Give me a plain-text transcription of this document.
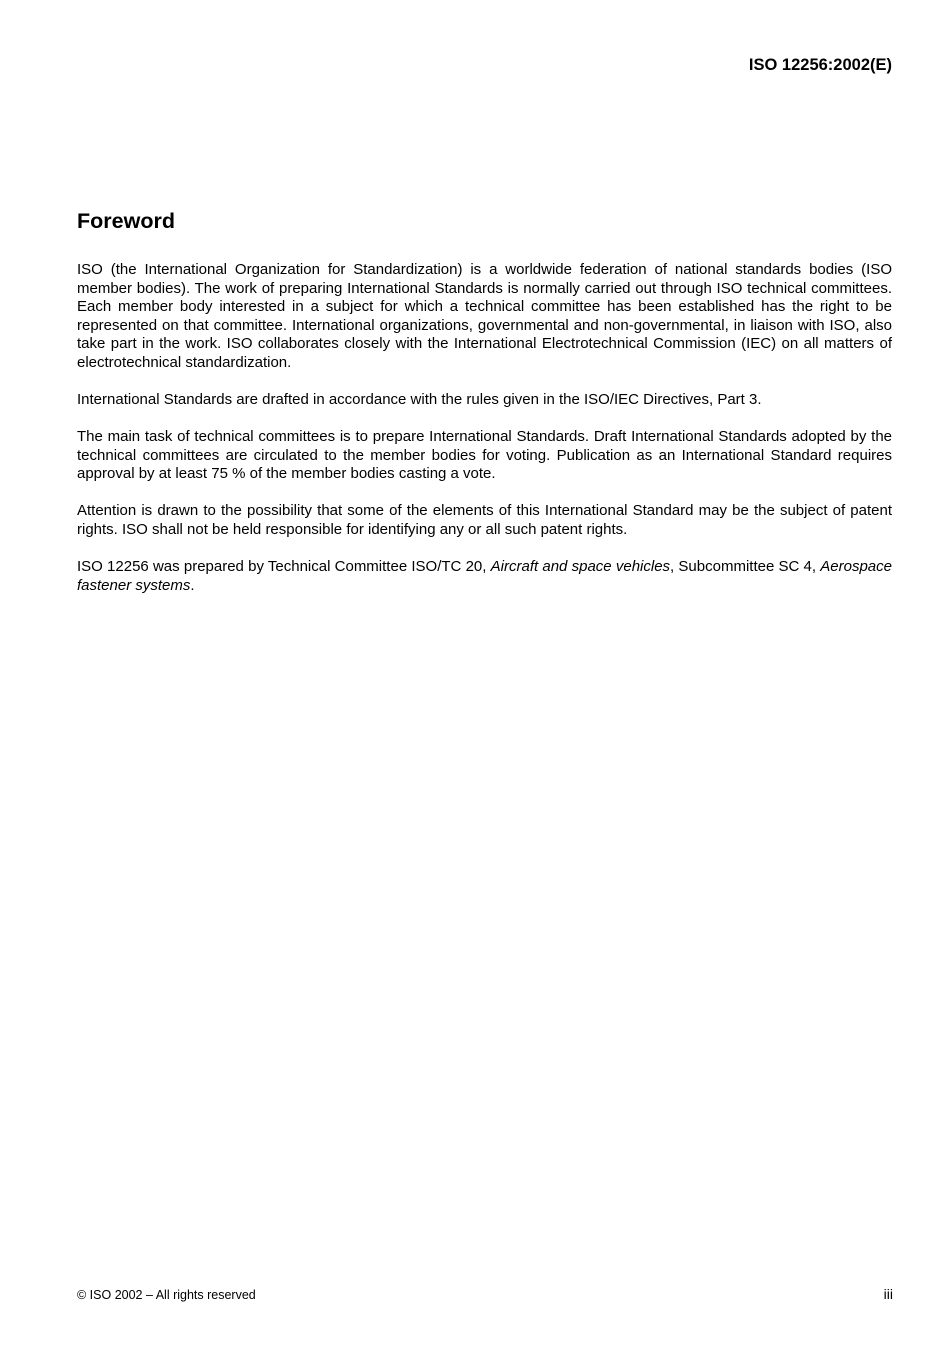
ISO 12256:2002(E)
Foreword

ISO (the International Organization for Standardization) is a worldwide federation of national standards bodies (ISO member bodies). The work of preparing International Standards is normally carried out through ISO technical committees. Each member body interested in a subject for which a technical committee has been established has the right to be represented on that committee. International organizations, governmental and non-governmental, in liaison with ISO, also take part in the work. ISO collaborates closely with the International Electrotechnical Commission (IEC) on all matters of electrotechnical standardization.

International Standards are drafted in accordance with the rules given in the ISO/IEC Directives, Part 3.

The main task of technical committees is to prepare International Standards. Draft International Standards adopted by the technical committees are circulated to the member bodies for voting. Publication as an International Standard requires approval by at least 75 % of the member bodies casting a vote.

Attention is drawn to the possibility that some of the elements of this International Standard may be the subject of patent rights. ISO shall not be held responsible for identifying any or all such patent rights.

ISO 12256 was prepared by Technical Committee ISO/TC 20, Aircraft and space vehicles, Subcommittee SC 4, Aerospace fastener systems.

© ISO 2002 – All rights reserved	iii
